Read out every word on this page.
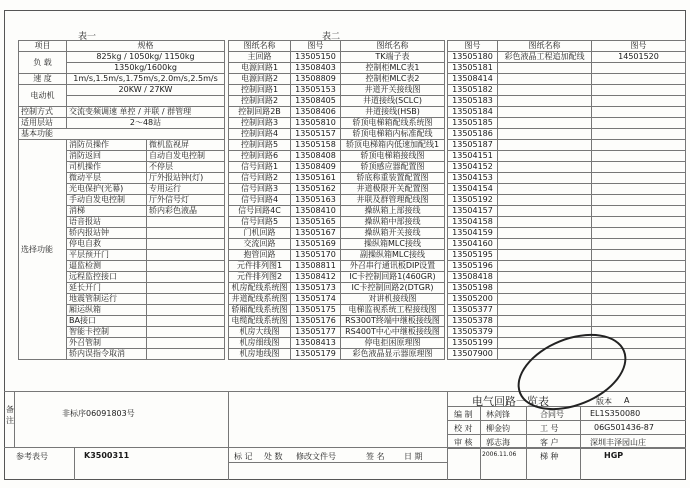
表一	表二
项目	规格	
负 载	825kg / 1050kg/ 1150kg	
	1350kg/1600kg	
速 度	1m/s,1.5m/s,1.75m/s,2.0m/s,2.5m/s	
电动机	20KW / 27KW	

控制方式	交流变频调速 单控 / 并联 / 群管理	
适用层站	2～48站	
基本功能		
选择功能	消防员操作	微机监视屏
	消防返回	自动自发电控制
	司机操作	不停层
	微动平层	厅外报站钟(灯)
	光电保护(光幕)	专用运行
	手动自发电控制	厅外信号灯
	消梯	轿内彩色液晶
	语音报站	
	轿内报站钟	
	停电自救	
	平层预开门	
	逼监检测	
	远程监控接口	
	延长开门	
	地震管制运行	
	厢运纵箱	
	BA接口	
	智能卡控制	
	外召管制	
	轿内误指令取消	
图纸名称	图号	图纸名称
主回路	13505150	TK端子表
电源回路1	13508403	控制柜MLC表1
电源回路2	13508809	控制柜MLC表2
控制回路1	13505153	井道开关接线图
控制回路2	13508405	井道接线(SCLC)
控制回路2B	13508406	井道接线(HSB)
控制回路3	13505810	轿顶电梯箱配线系统图
控制回路4	13505157	轿顶电梯箱内标准配线
控制回路5	13505158	轿顶电梯箱内低速加配线1
控制回路6	13508408	轿顶电梯箱接线图
信号回路1	13508409	轿顶感应器配置图
信号回路2	13505161	轿底称重装置配置图
信号回路3	13505162	井道极限开关配置图
信号回路4	13505163	井联及群管理配线图
信号回路4C	13508410	操纵箱上部接线
信号回路5	13505165	操纵箱中部接线
门机回路	13505167	操纵箱开关接线
交流回路	13505169	操纵箱MLC接线
抱管回路	13505170	副操纵箱MLC接线
元件排列图1	13508811	外召串行通讯板DIP设置
元件排列图2	13508412	IC卡控制回路1(460GR)
机房配线系统图	13505173	IC卡控制回路2(DTGR)
井道配线系统图	13505174	对讲机接线图
轿厢配线系统图	13505175	电梯监视系统工程接线图
电缆配线系统图	13505176	RS300T终端中继板接线图
机房大线图	13505177	RS400T中心中继板接线图
机房细线图	13508413	停电拒困原理图
机房地线图	13505179	彩色液晶显示器原理图
图号	图纸名称	图号
13505180	彩色液晶工程追加配线	14501520
13505181		
13508414		
13505182		
13505183		
13505184		
13505185		
13505186		
13505187		
13504151		
13504152		
13504153		
13504154		
13505192		
13504157		
13504158		
13504159		
13504160		
13505195		
13505196		
13508418		
13505198		
13505200		
13505377		
13505378		
13505379		
13505199		
13507900		
备 注
非标序06091803号
参考表号	K3500311	标 记 处 数 修改文件号	签 名 日 期
电气回路一览表	版本 A
编 制 林剑锋	合同号	EL1S350080
校 对 柳金钧	工 号	06G501436-87
审 核 郭志海	客 户	深圳丰泽园山庄
2006.11.06	梯 种	HGP
